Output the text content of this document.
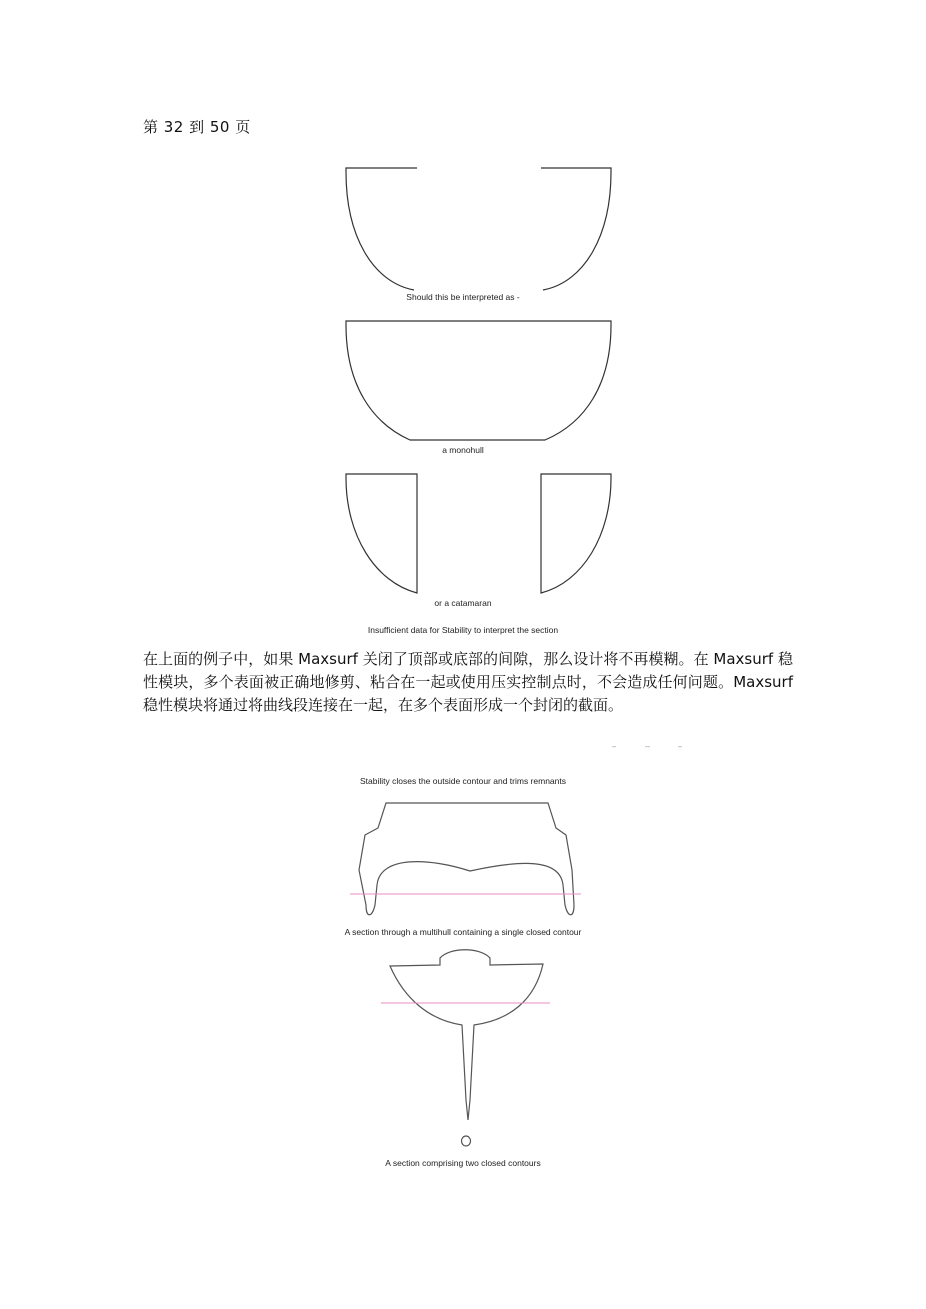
第 32 到 50 页
Should this be interpreted as -
a monohull
or a catamaran
Insufficient data for Stability to interpret the section

在上面的例子中，如果 Maxsurf 关闭了顶部或底部的间隙，那么设计将不再模糊。在 Maxsurf 稳性模块，多个表面被正确地修剪、粘合在一起或使用压实控制点时，不会造成任何问题。Maxsurf 稳性模块将通过将曲线段连接在一起，在多个表面形成一个封闭的截面。

Stability closes the outside contour and trims remnants
A section through a multihull containing a single closed contour
A section comprising two closed contours
